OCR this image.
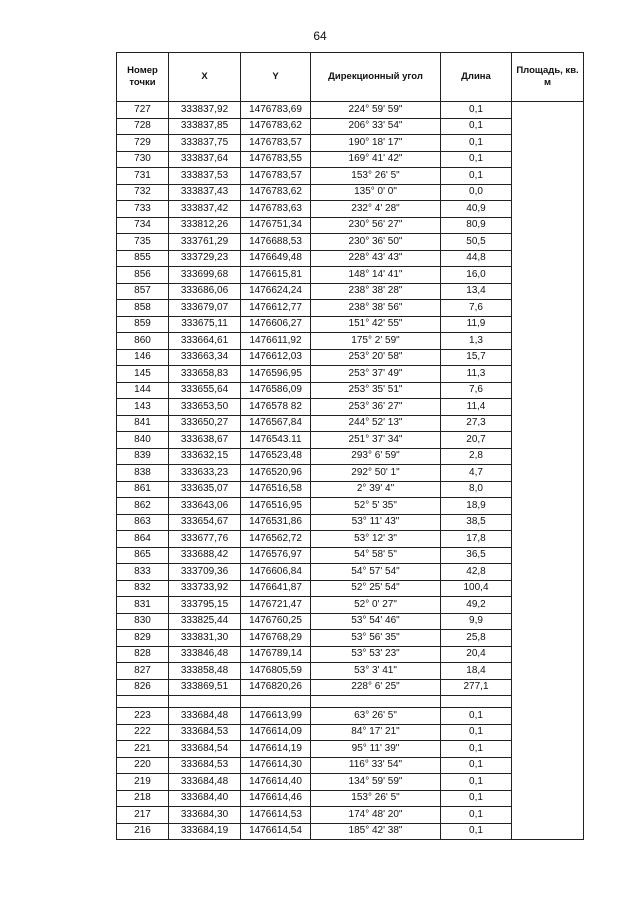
64
Номер точки	X	Y	Дирекционный угол	Длина	Площадь, кв. м
727	333837,92	1476783,69	224° 59' 59"	0,1	
728	333837,85	1476783,62	206° 33' 54"	0,1	
729	333837,75	1476783,57	190° 18' 17"	0,1	
730	333837,64	1476783,55	169° 41' 42"	0,1	
731	333837,53	1476783,57	153° 26' 5"	0,1	
732	333837,43	1476783,62	135° 0' 0"	0,0	
733	333837,42	1476783,63	232° 4' 28"	40,9	
734	333812,26	1476751,34	230° 56' 27"	80,9	
735	333761,29	1476688,53	230° 36' 50"	50,5	
855	333729,23	1476649,48	228° 43' 43"	44,8	
856	333699,68	1476615,81	148° 14' 41"	16,0	
857	333686,06	1476624,24	238° 38' 28"	13,4	
858	333679,07	1476612,77	238° 38' 56"	7,6	
859	333675,11	1476606,27	151° 42' 55"	11,9	
860	333664,61	1476611,92	175° 2' 59"	1,3	
146	333663,34	1476612,03	253° 20' 58"	15,7	
145	333658,83	1476596,95	253° 37' 49"	11,3	
144	333655,64	1476586,09	253° 35' 51"	7,6	
143	333653,50	1476578 82	253° 36' 27"	11,4	
841	333650,27	1476567,84	244° 52' 13"	27,3	
840	333638,67	1476543.11	251° 37' 34"	20,7	
839	333632,15	1476523,48	293° 6' 59"	2,8	
838	333633,23	1476520,96	292° 50' 1"	4,7	
861	333635,07	1476516,58	2° 39' 4"	8,0	
862	333643,06	1476516,95	52° 5' 35"	18,9	
863	333654,67	1476531,86	53° 11' 43"	38,5	
864	333677,76	1476562,72	53° 12' 3"	17,8	
865	333688,42	1476576,97	54° 58' 5"	36,5	
833	333709,36	1476606,84	54° 57' 54"	42,8	
832	333733,92	1476641,87	52° 25' 54"	100,4	
831	333795,15	1476721,47	52° 0' 27"	49,2	
830	333825,44	1476760,25	53° 54' 46"	9,9	
829	333831,30	1476768,29	53° 56' 35"	25,8	
828	333846,48	1476789,14	53° 53' 23"	20,4	
827	333858,48	1476805,59	53° 3' 41"	18,4	
826	333869,51	1476820,26	228° 6' 25"	277,1	

223	333684,48	1476613,99	63° 26' 5"	0,1	
222	333684,53	1476614,09	84° 17' 21"	0,1	
221	333684,54	1476614,19	95° 11' 39"	0,1	
220	333684,53	1476614,30	116° 33' 54"	0,1	
219	333684,48	1476614,40	134° 59' 59"	0,1	
218	333684,40	1476614,46	153° 26' 5"	0,1	
217	333684,30	1476614,53	174° 48' 20"	0,1	
216	333684,19	1476614,54	185° 42' 38"	0,1	
